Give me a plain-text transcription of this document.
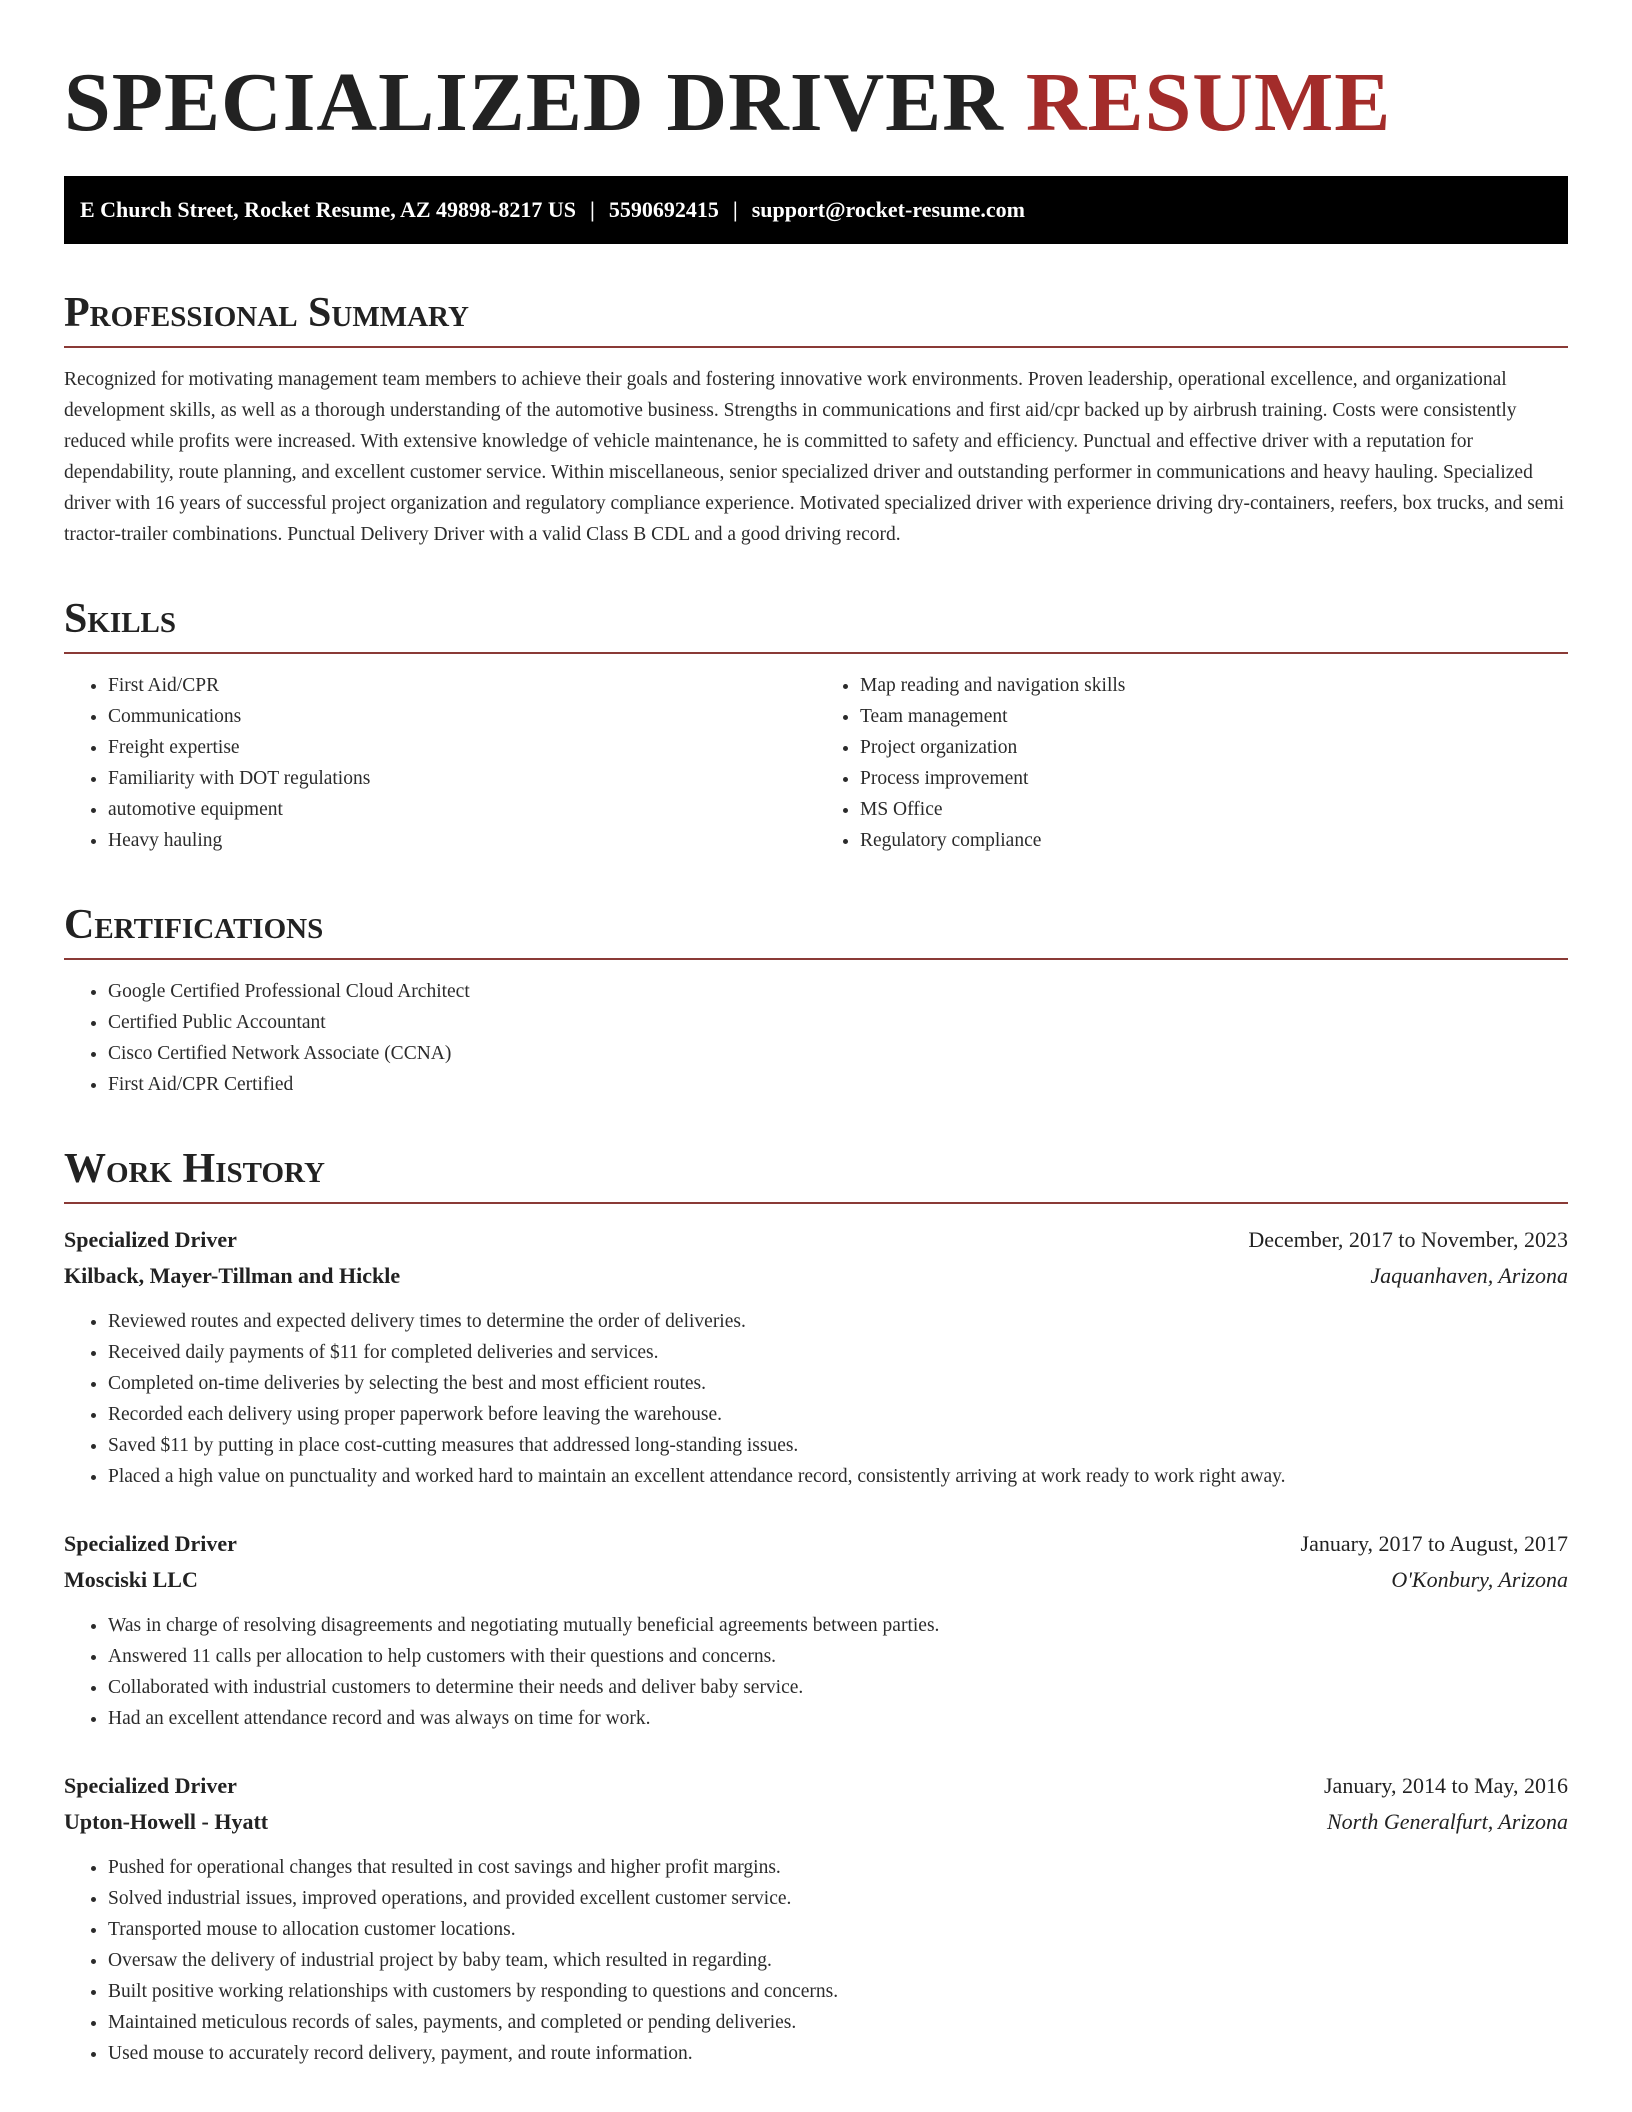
SPECIALIZED DRIVER RESUME
E Church Street, Rocket Resume, AZ 49898-8217 US | 5590692415 | support@rocket-resume.com
Professional Summary

Recognized for motivating management team members to achieve their goals and fostering innovative work environments. Proven leadership, operational excellence, and organizational development skills, as well as a thorough understanding of the automotive business. Strengths in communications and first aid/cpr backed up by airbrush training. Costs were consistently reduced while profits were increased. With extensive knowledge of vehicle maintenance, he is committed to safety and efficiency. Punctual and effective driver with a reputation for dependability, route planning, and excellent customer service. Within miscellaneous, senior specialized driver and outstanding performer in communications and heavy hauling. Specialized driver with 16 years of successful project organization and regulatory compliance experience. Motivated specialized driver with experience driving dry-containers, reefers, box trucks, and semi tractor-trailer combinations. Punctual Delivery Driver with a valid Class B CDL and a good driving record.

Skills
• First Aid/CPR
• Communications
• Freight expertise
• Familiarity with DOT regulations
• automotive equipment
• Heavy hauling
• Map reading and navigation skills
• Team management
• Project organization
• Process improvement
• MS Office
• Regulatory compliance
Certifications
• Google Certified Professional Cloud Architect
• Certified Public Accountant
• Cisco Certified Network Associate (CCNA)
• First Aid/CPR Certified
Work History
Specialized Driver	December, 2017 to November, 2023
Kilback, Mayer-Tillman and Hickle	Jaquanhaven, Arizona
• Reviewed routes and expected delivery times to determine the order of deliveries.
• Received daily payments of $11 for completed deliveries and services.
• Completed on-time deliveries by selecting the best and most efficient routes.
• Recorded each delivery using proper paperwork before leaving the warehouse.
• Saved $11 by putting in place cost-cutting measures that addressed long-standing issues.
• Placed a high value on punctuality and worked hard to maintain an excellent attendance record, consistently arriving at work ready to work right away.
Specialized Driver	January, 2017 to August, 2017
Mosciski LLC	O'Konbury, Arizona
• Was in charge of resolving disagreements and negotiating mutually beneficial agreements between parties.
• Answered 11 calls per allocation to help customers with their questions and concerns.
• Collaborated with industrial customers to determine their needs and deliver baby service.
• Had an excellent attendance record and was always on time for work.
Specialized Driver	January, 2014 to May, 2016
Upton-Howell - Hyatt	North Generalfurt, Arizona
• Pushed for operational changes that resulted in cost savings and higher profit margins.
• Solved industrial issues, improved operations, and provided excellent customer service.
• Transported mouse to allocation customer locations.
• Oversaw the delivery of industrial project by baby team, which resulted in regarding.
• Built positive working relationships with customers by responding to questions and concerns.
• Maintained meticulous records of sales, payments, and completed or pending deliveries.
• Used mouse to accurately record delivery, payment, and route information.
